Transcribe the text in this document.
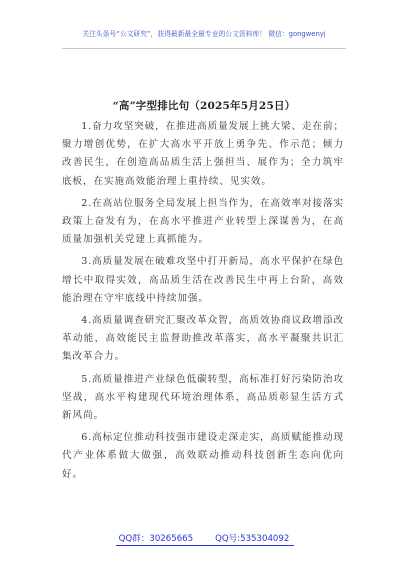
关注头条号“公文研究”，获得最新最全最专业的公文资料库！ 微信：gongwenyj
“高”字型排比句（2025年5月25日）

1.奋力攻坚突破，在推进高质量发展上挑大梁、走在前；聚力增创优势，在扩大高水平开放上勇争先、作示范；倾力改善民生，在创造高品质生活上强担当、展作为；全力筑牢底板，在实施高效能治理上重持续、见实效。

2.在高站位服务全局发展上担当作为，在高效率对接落实政策上奋发有为，在高水平推进产业转型上深谋善为，在高质量加强机关党建上真抓能为。

3.高质量发展在破难攻坚中打开新局，高水平保护在绿色增长中取得实效，高品质生活在改善民生中再上台阶，高效能治理在守牢底线中持续加强。

4.高质量调查研究汇聚改革众智，高质效协商议政增添改革动能，高效能民主监督助推改革落实，高水平凝聚共识汇集改革合力。

5.高质量推进产业绿色低碳转型，高标准打好污染防治攻坚战，高水平构建现代环境治理体系，高品质彰显生活方式新风尚。

6.高标定位推动科技强市建设走深走实，高质赋能推动现代产业体系做大做强，高效联动推动科技创新生态向优向好。

QQ群：30265665	QQ号:535304092
